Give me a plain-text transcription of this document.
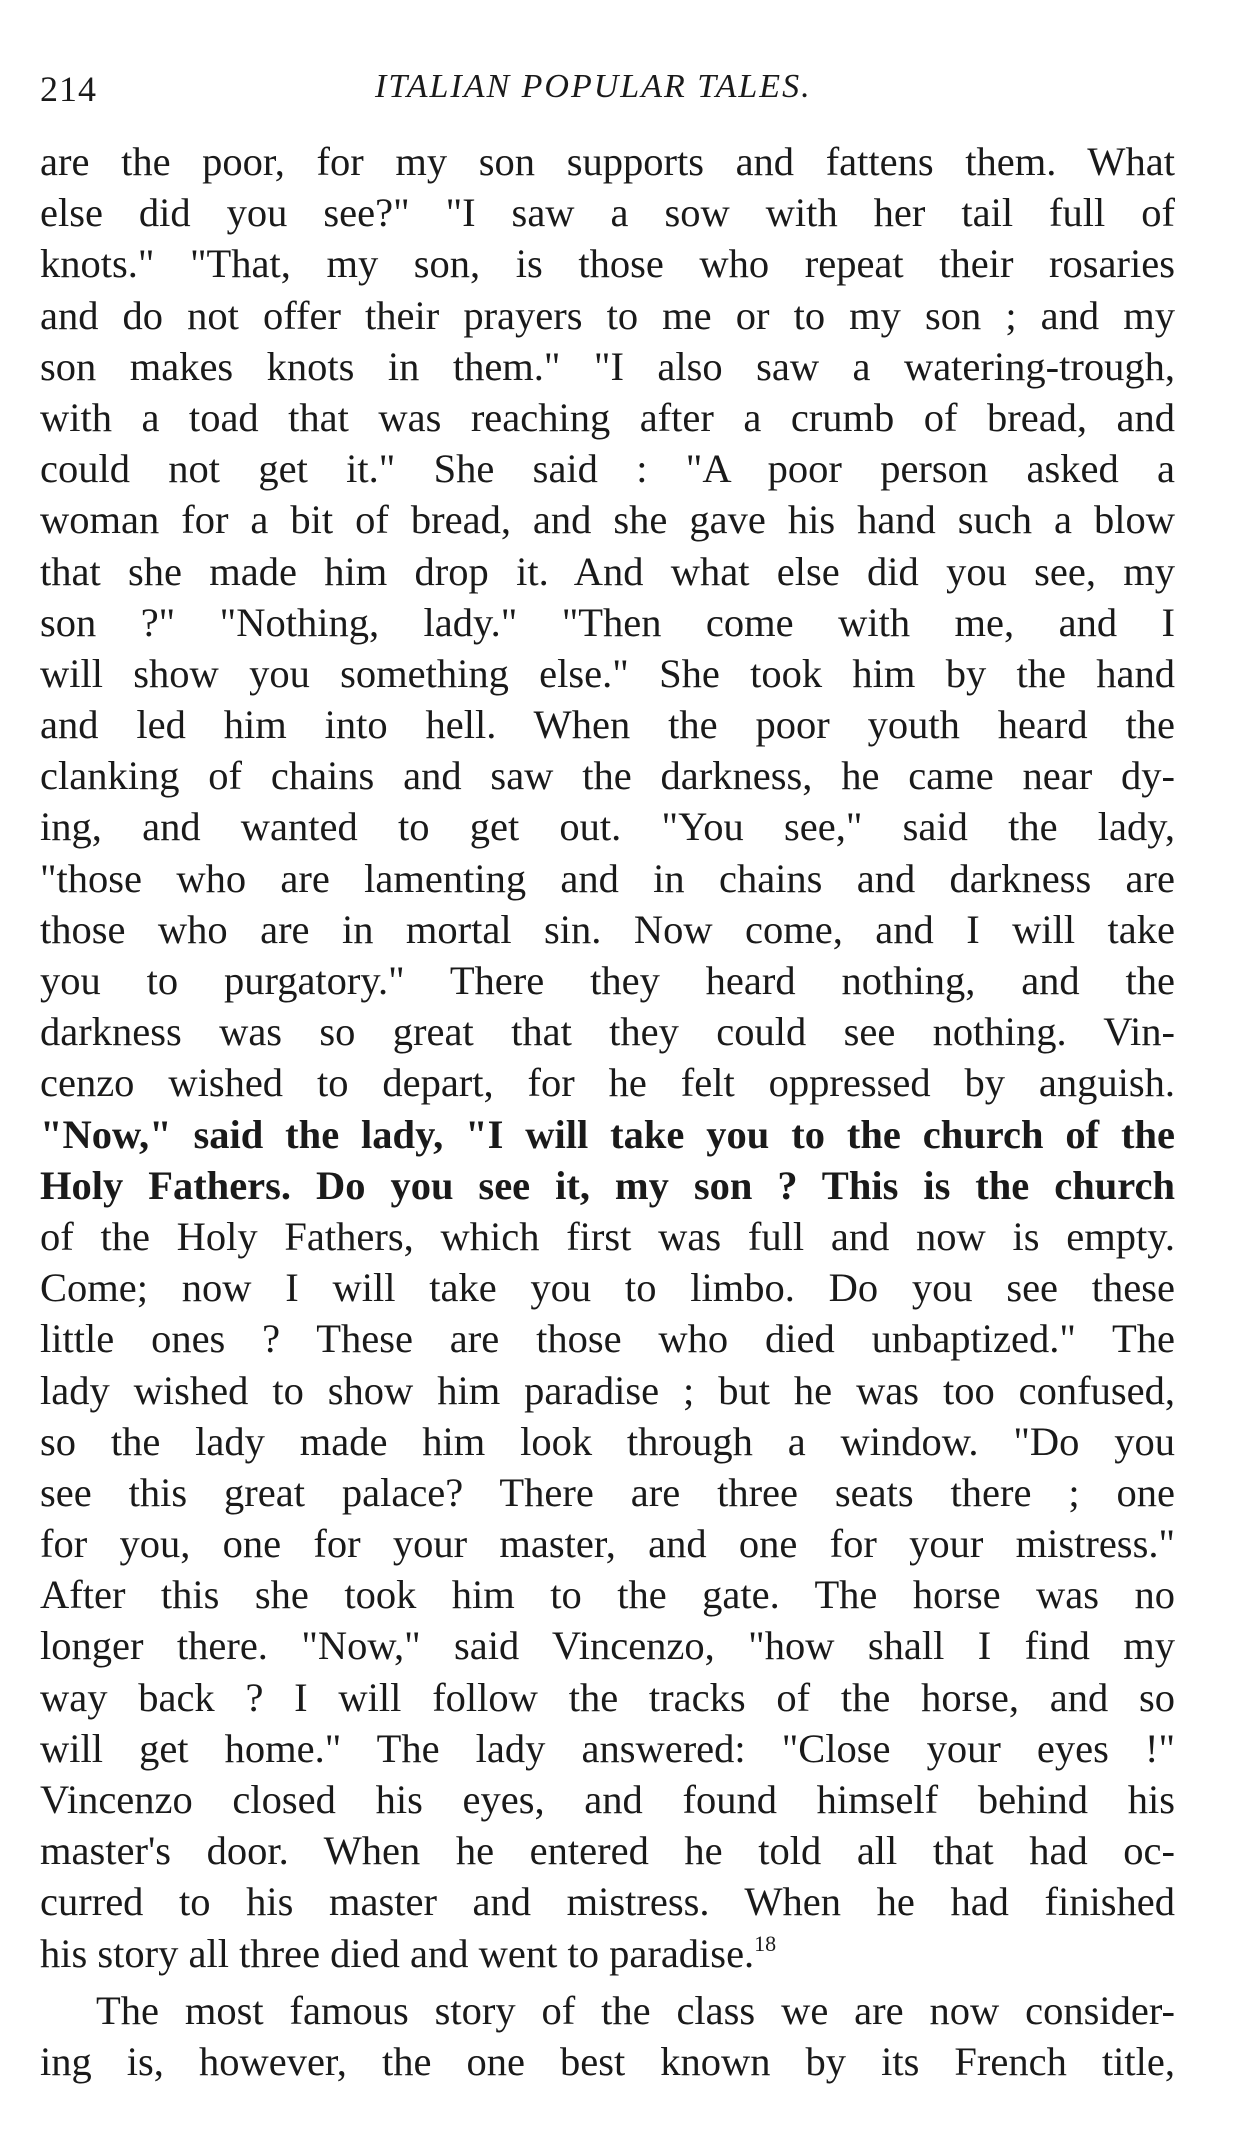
214	ITALIAN POPULAR TALES.
are the poor, for my son supports and fattens them. What
else did you see?" "I saw a sow with her tail full of
knots." "That, my son, is those who repeat their rosaries
and do not offer their prayers to me or to my son ; and my
son makes knots in them." "I also saw a watering-trough,
with a toad that was reaching after a crumb of bread, and
could not get it." She said : "A poor person asked a
woman for a bit of bread, and she gave his hand such a blow
that she made him drop it. And what else did you see, my
son ?" "Nothing, lady." "Then come with me, and I
will show you something else." She took him by the hand
and led him into hell. When the poor youth heard the
clanking of chains and saw the darkness, he came near dy-
ing, and wanted to get out. "You see," said the lady,
"those who are lamenting and in chains and darkness are
those who are in mortal sin. Now come, and I will take
you to purgatory." There they heard nothing, and the
darkness was so great that they could see nothing. Vin-
cenzo wished to depart, for he felt oppressed by anguish.
"Now," said the lady, "I will take you to the church of the
Holy Fathers. Do you see it, my son ? This is the church
of the Holy Fathers, which first was full and now is empty.
Come; now I will take you to limbo. Do you see these
little ones ? These are those who died unbaptized." The
lady wished to show him paradise ; but he was too confused,
so the lady made him look through a window. "Do you
see this great palace? There are three seats there ; one
for you, one for your master, and one for your mistress."
After this she took him to the gate. The horse was no
longer there. "Now," said Vincenzo, "how shall I find my
way back ? I will follow the tracks of the horse, and so
will get home." The lady answered: "Close your eyes !"
Vincenzo closed his eyes, and found himself behind his
master's door. When he entered he told all that had oc-
curred to his master and mistress. When he had finished
his story all three died and went to paradise.$^{18}$
The most famous story of the class we are now consider-
ing is, however, the one best known by its French title,
